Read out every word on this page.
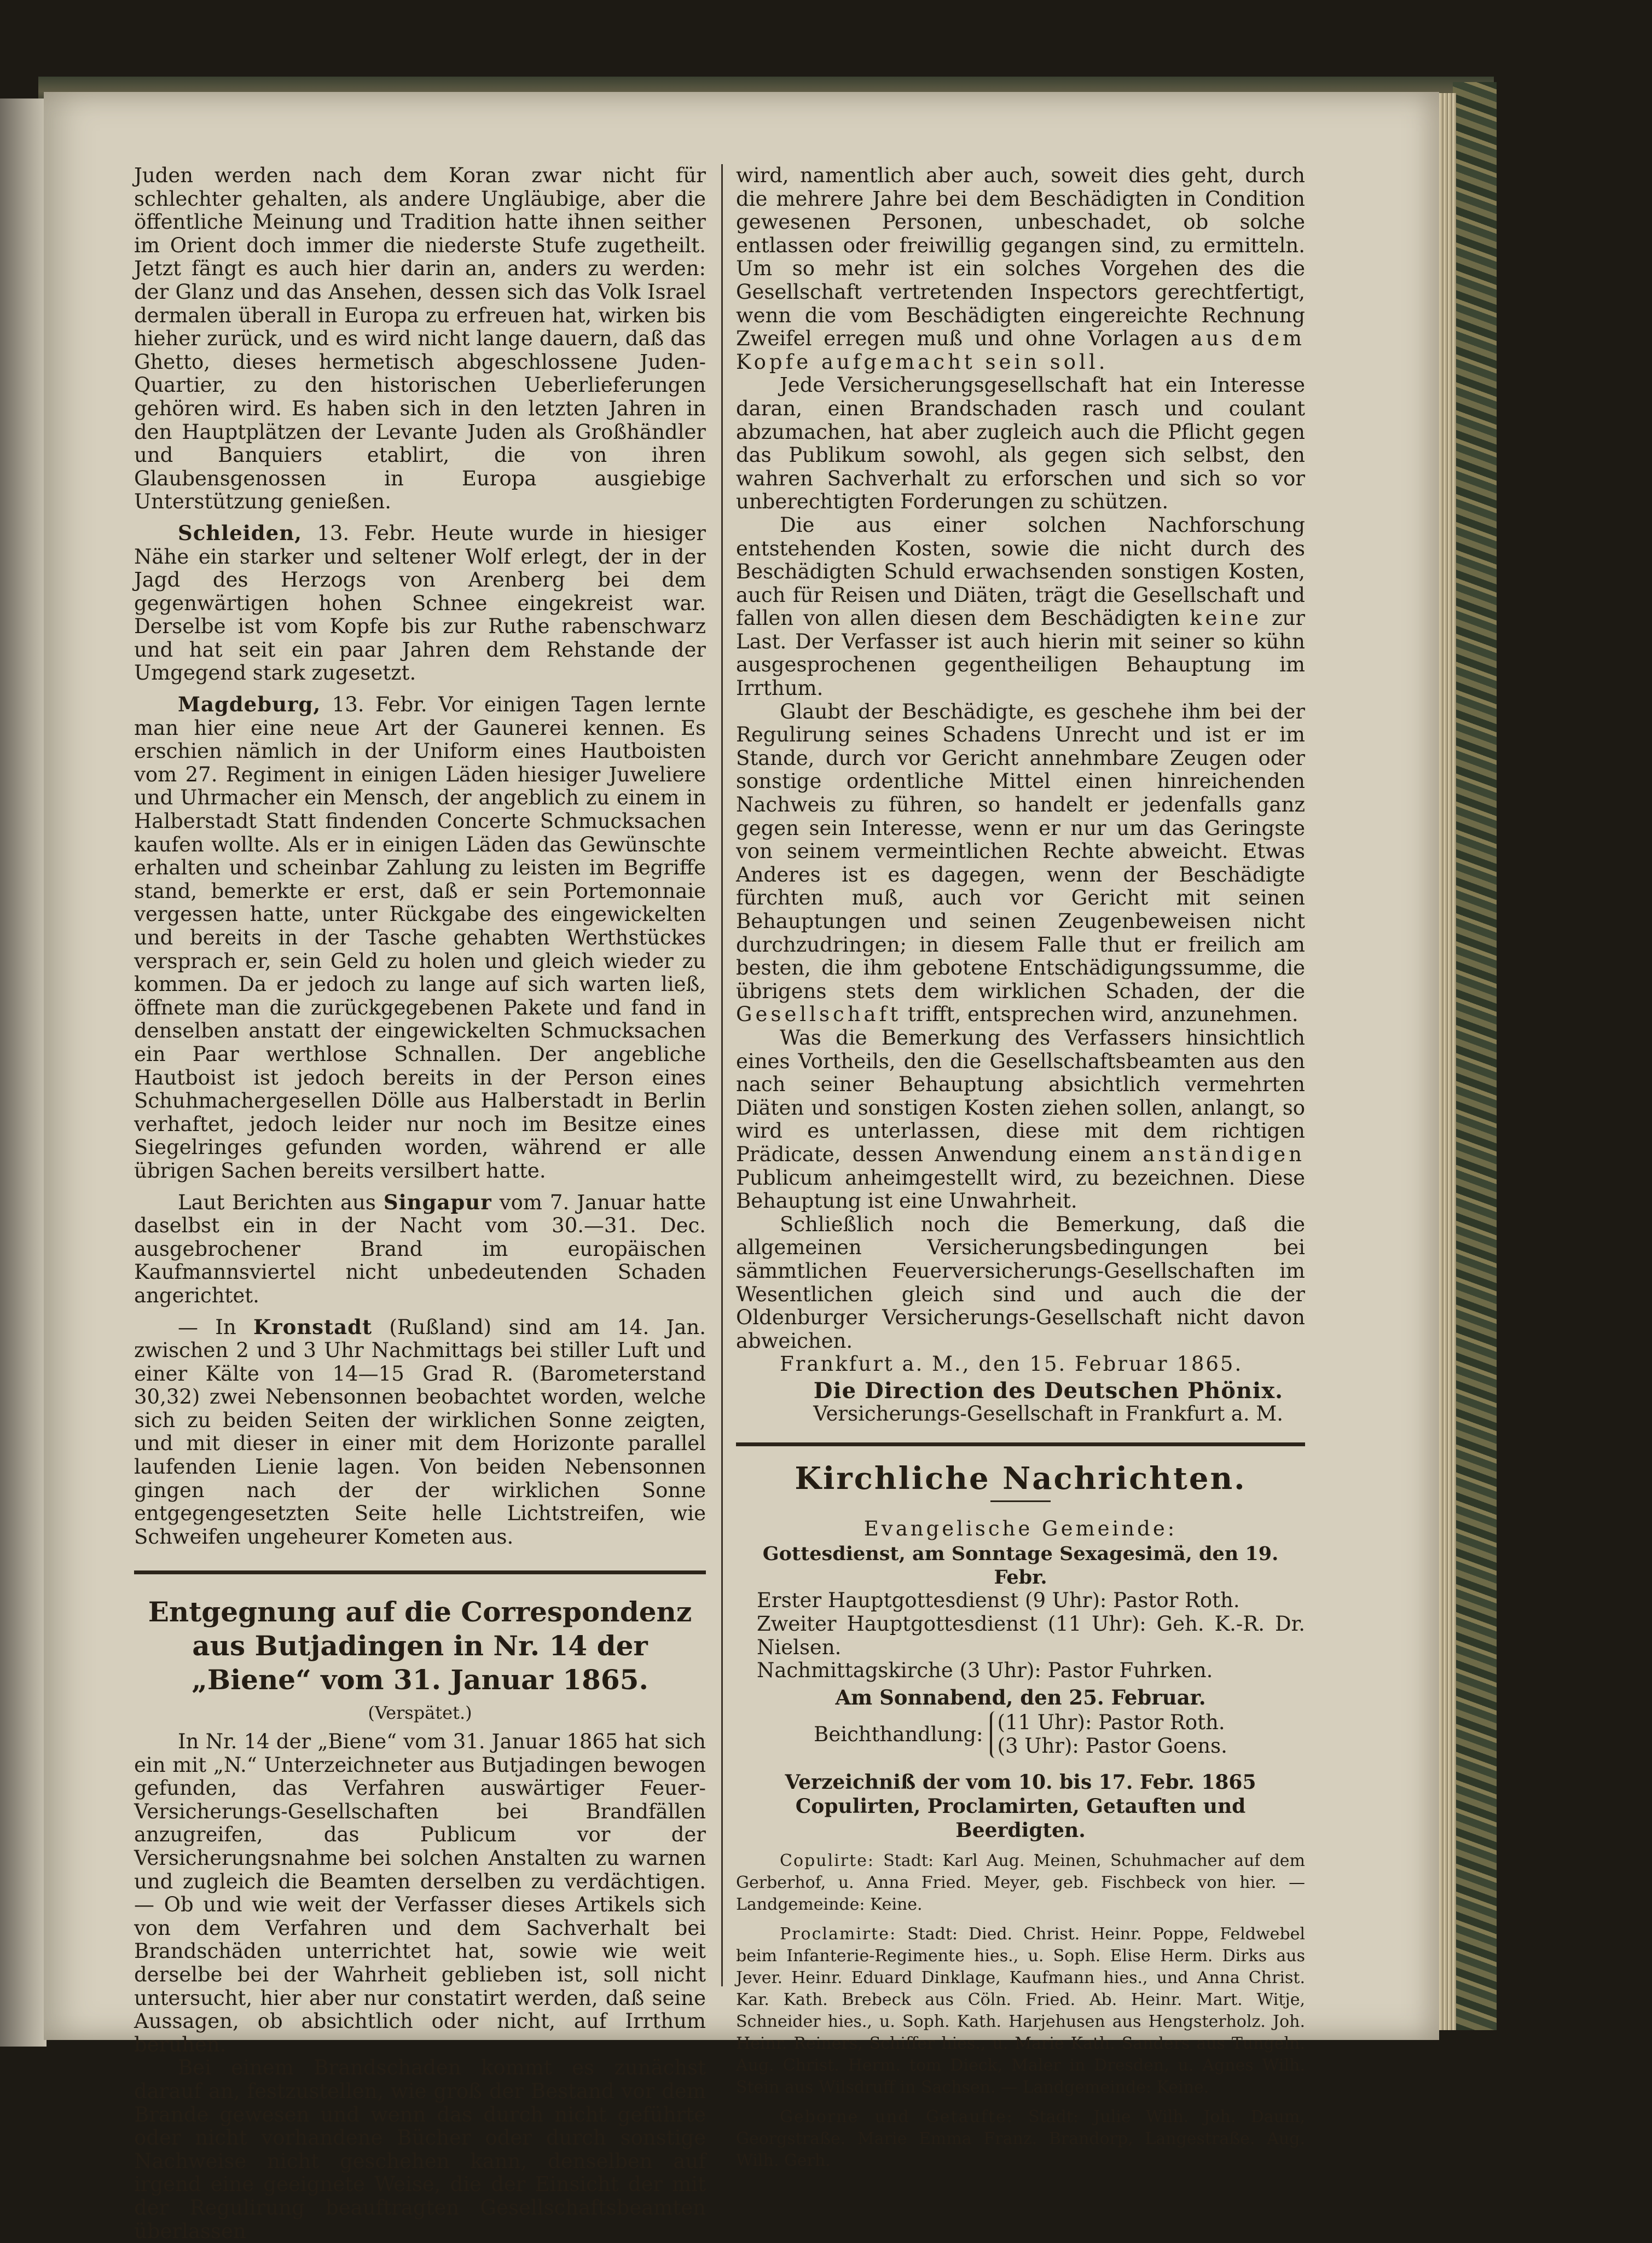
Juden werden nach dem Koran zwar nicht für schlechter gehalten, als andere Ungläubige, aber die öffentliche Meinung und Tradition hatte ihnen seither im Orient doch immer die niederste Stufe zugetheilt. Jetzt fängt es auch hier darin an, anders zu werden: der Glanz und das Ansehen, dessen sich das Volk Israel dermalen überall in Europa zu erfreuen hat, wirken bis hieher zurück, und es wird nicht lange dauern, daß das Ghetto, dieses hermetisch abgeschlossene Juden-Quartier, zu den historischen Ueberlieferungen gehören wird. Es haben sich in den letzten Jahren in den Hauptplätzen der Levante Juden als Großhändler und Banquiers etablirt, die von ihren Glaubensgenossen in Europa ausgiebige Unterstützung genießen.

Schleiden, 13. Febr. Heute wurde in hiesiger Nähe ein starker und seltener Wolf erlegt, der in der Jagd des Herzogs von Arenberg bei dem gegenwärtigen hohen Schnee eingekreist war. Derselbe ist vom Kopfe bis zur Ruthe rabenschwarz und hat seit ein paar Jahren dem Rehstande der Umgegend stark zugesetzt.

Magdeburg, 13. Febr. Vor einigen Tagen lernte man hier eine neue Art der Gaunerei kennen. Es erschien nämlich in der Uniform eines Hautboisten vom 27. Regiment in einigen Läden hiesiger Juweliere und Uhrmacher ein Mensch, der angeblich zu einem in Halberstadt Statt findenden Concerte Schmucksachen kaufen wollte. Als er in einigen Läden das Gewünschte erhalten und scheinbar Zahlung zu leisten im Begriffe stand, bemerkte er erst, daß er sein Portemonnaie vergessen hatte, unter Rückgabe des eingewickelten und bereits in der Tasche gehabten Werthstückes versprach er, sein Geld zu holen und gleich wieder zu kommen. Da er jedoch zu lange auf sich warten ließ, öffnete man die zurückgegebenen Pakete und fand in denselben anstatt der eingewickelten Schmucksachen ein Paar werthlose Schnallen. Der angebliche Hautboist ist jedoch bereits in der Person eines Schuhmachergesellen Dölle aus Halberstadt in Berlin verhaftet, jedoch leider nur noch im Besitze eines Siegelringes gefunden worden, während er alle übrigen Sachen bereits versilbert hatte.

Laut Berichten aus Singapur vom 7. Januar hatte daselbst ein in der Nacht vom 30.—31. Dec. ausgebrochener Brand im europäischen Kaufmannsviertel nicht unbedeutenden Schaden angerichtet.

— In Kronstadt (Rußland) sind am 14. Jan. zwischen 2 und 3 Uhr Nachmittags bei stiller Luft und einer Kälte von 14—15 Grad R. (Barometerstand 30,32) zwei Nebensonnen beobachtet worden, welche sich zu beiden Seiten der wirklichen Sonne zeigten, und mit dieser in einer mit dem Horizonte parallel laufenden Lienie lagen. Von beiden Nebensonnen gingen nach der der wirklichen Sonne entgegengesetzten Seite helle Lichtstreifen, wie Schweifen ungeheurer Kometen aus.

Entgegnung auf die Correspondenz aus Butjadingen in Nr. 14 der „Biene“ vom 31. Januar 1865.
(Verspätet.)

In Nr. 14 der „Biene“ vom 31. Januar 1865 hat sich ein mit „N.“ Unterzeichneter aus Butjadingen bewogen gefunden, das Verfahren auswärtiger Feuer-Versicherungs-Gesellschaften bei Brandfällen anzugreifen, das Publicum vor der Versicherungsnahme bei solchen Anstalten zu warnen und zugleich die Beamten derselben zu verdächtigen. — Ob und wie weit der Verfasser dieses Artikels sich von dem Verfahren und dem Sachverhalt bei Brandschäden unterrichtet hat, sowie wie weit derselbe bei der Wahrheit geblieben ist, soll nicht untersucht, hier aber nur constatirt werden, daß seine Aussagen, ob absichtlich oder nicht, auf Irrthum beruhen.

Bei einem Brandschaden kommt es zunächst darauf an, festzustellen, wie groß der Bestand vor dem Brande gewesen und wenn das durch nicht geführte oder nicht vorhandene Bücher oder durch sonstige Nachweise nicht geschehen kann, denselben auf irgend eine geeignete Weise, die der Einsicht der mit der Regulirung beauftragten Gesellschaftsbeamten überlassen

wird, namentlich aber auch, soweit dies geht, durch die mehrere Jahre bei dem Beschädigten in Condition gewesenen Personen, unbeschadet, ob solche entlassen oder freiwillig gegangen sind, zu ermitteln. Um so mehr ist ein solches Vorgehen des die Gesellschaft vertretenden Inspectors gerechtfertigt, wenn die vom Beschädigten eingereichte Rechnung Zweifel erregen muß und ohne Vorlagen aus dem Kopfe aufgemacht sein soll.

Jede Versicherungsgesellschaft hat ein Interesse daran, einen Brandschaden rasch und coulant abzumachen, hat aber zugleich auch die Pflicht gegen das Publikum sowohl, als gegen sich selbst, den wahren Sachverhalt zu erforschen und sich so vor unberechtigten Forderungen zu schützen.

Die aus einer solchen Nachforschung entstehenden Kosten, sowie die nicht durch des Beschädigten Schuld erwachsenden sonstigen Kosten, auch für Reisen und Diäten, trägt die Gesellschaft und fallen von allen diesen dem Beschädigten keine zur Last. Der Verfasser ist auch hierin mit seiner so kühn ausgesprochenen gegentheiligen Behauptung im Irrthum.

Glaubt der Beschädigte, es geschehe ihm bei der Regulirung seines Schadens Unrecht und ist er im Stande, durch vor Gericht annehmbare Zeugen oder sonstige ordentliche Mittel einen hinreichenden Nachweis zu führen, so handelt er jedenfalls ganz gegen sein Interesse, wenn er nur um das Geringste von seinem vermeintlichen Rechte abweicht. Etwas Anderes ist es dagegen, wenn der Beschädigte fürchten muß, auch vor Gericht mit seinen Behauptungen und seinen Zeugenbeweisen nicht durchzudringen; in diesem Falle thut er freilich am besten, die ihm gebotene Entschädigungssumme, die übrigens stets dem wirklichen Schaden, der die Gesellschaft trifft, entsprechen wird, anzunehmen.

Was die Bemerkung des Verfassers hinsichtlich eines Vortheils, den die Gesellschaftsbeamten aus den nach seiner Behauptung absichtlich vermehrten Diäten und sonstigen Kosten ziehen sollen, anlangt, so wird es unterlassen, diese mit dem richtigen Prädicate, dessen Anwendung einem anständigen Publicum anheimgestellt wird, zu bezeichnen. Diese Behauptung ist eine Unwahrheit.

Schließlich noch die Bemerkung, daß die allgemeinen Versicherungsbedingungen bei sämmtlichen Feuerversicherungs-Gesellschaften im Wesentlichen gleich sind und auch die der Oldenburger Versicherungs-Gesellschaft nicht davon abweichen.

Frankfurt a. M., den 15. Februar 1865.

Die Direction des Deutschen Phönix.
Versicherungs-Gesellschaft in Frankfurt a. M.
Kirchliche Nachrichten.
Evangelische Gemeinde:
Gottesdienst, am Sonntage Sexagesimä, den 19. Febr.
Erster Hauptgottesdienst (9 Uhr): Pastor Roth.
Zweiter Hauptgottesdienst (11 Uhr): Geh. K.-R. Dr. Nielsen.
Nachmittagskirche (3 Uhr): Pastor Fuhrken.
Am Sonnabend, den 25. Februar.
Beichthandlung: (11 Uhr): Pastor Roth.
(3 Uhr): Pastor Goens.
Verzeichniß der vom 10. bis 17. Febr. 1865 Copulirten, Proclamirten, Getauften und Beerdigten.

Copulirte: Stadt: Karl Aug. Meinen, Schuhmacher auf dem Gerberhof, u. Anna Fried. Meyer, geb. Fischbeck von hier. — Landgemeinde: Keine.

Proclamirte: Stadt: Died. Christ. Heinr. Poppe, Feldwebel beim Infanterie-Regimente hies., u. Soph. Elise Herm. Dirks aus Jever. Heinr. Eduard Dinklage, Kaufmann hies., und Anna Christ. Kar. Kath. Brebeck aus Cöln. Fried. Ab. Heinr. Mart. Witje, Schneider hies., u. Soph. Kath. Harjehusen aus Hengsterholz. Joh. Heinr. Reiners, Schiffer hies., u. Marie Kath. Sanders aus Tungeln. Aug. Christ. Herm. tom Dieck, Maler in Dresden, u. Agnes Wilh. Stein aus Wilsdruff in Sachsen. — Landgemeinde: Keine.

Geborne und Getaufte: Stadt: Julie Wilh. Joh. Daum, Georgstraße. Marie Emma Franz. Brandorp, Langestraße. Aug. Wilh. Gerh.
